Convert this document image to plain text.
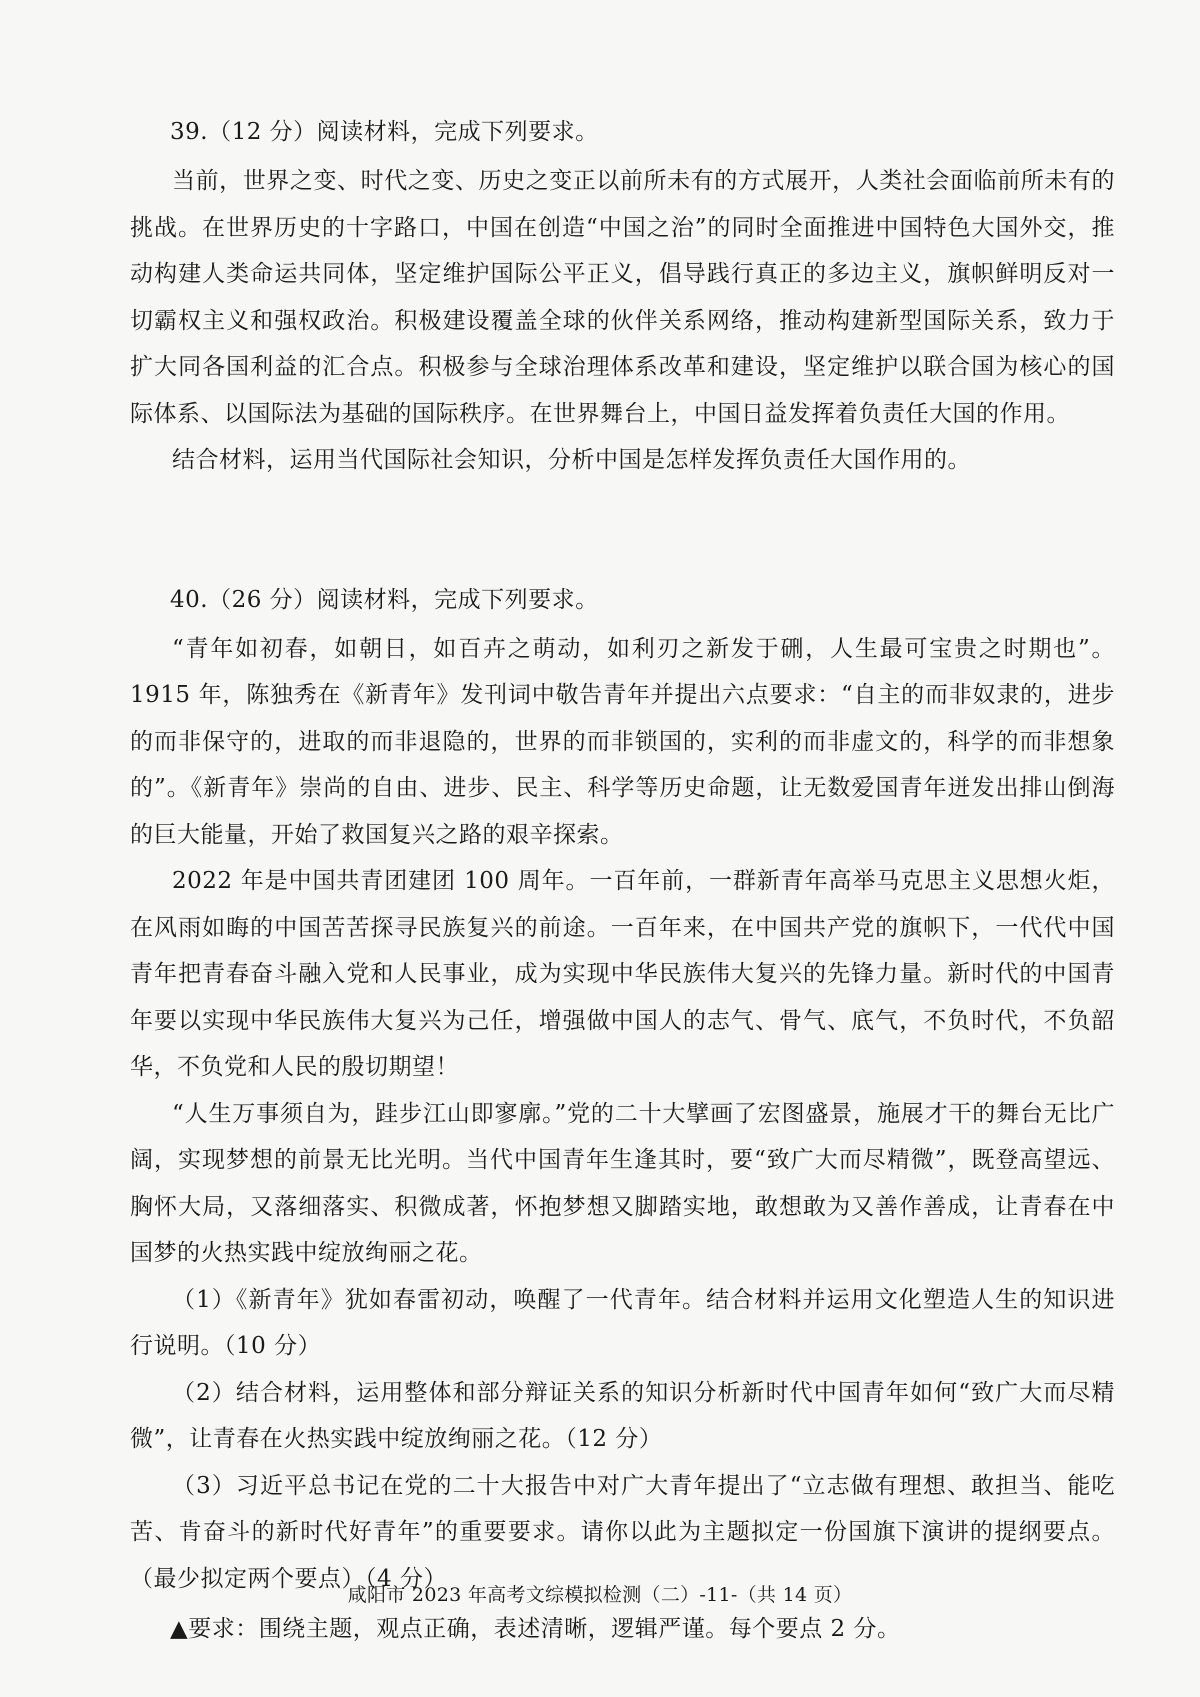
39.（12 分）阅读材料，完成下列要求。

当前，世界之变、时代之变、历史之变正以前所未有的方式展开，人类社会面临前所未有的挑战。在世界历史的十字路口，中国在创造“中国之治”的同时全面推进中国特色大国外交，推动构建人类命运共同体，坚定维护国际公平正义，倡导践行真正的多边主义，旗帜鲜明反对一切霸权主义和强权政治。积极建设覆盖全球的伙伴关系网络，推动构建新型国际关系，致力于扩大同各国利益的汇合点。积极参与全球治理体系改革和建设，坚定维护以联合国为核心的国际体系、以国际法为基础的国际秩序。在世界舞台上，中国日益发挥着负责任大国的作用。

结合材料，运用当代国际社会知识，分析中国是怎样发挥负责任大国作用的。

40.（26 分）阅读材料，完成下列要求。

“青年如初春，如朝日，如百卉之萌动，如利刃之新发于硎，人生最可宝贵之时期也”。1915 年，陈独秀在《新青年》发刊词中敬告青年并提出六点要求：“自主的而非奴隶的，进步的而非保守的，进取的而非退隐的，世界的而非锁国的，实利的而非虚文的，科学的而非想象的”。《新青年》崇尚的自由、进步、民主、科学等历史命题，让无数爱国青年迸发出排山倒海的巨大能量，开始了救国复兴之路的艰辛探索。

2022 年是中国共青团建团 100 周年。一百年前，一群新青年高举马克思主义思想火炬，在风雨如晦的中国苦苦探寻民族复兴的前途。一百年来，在中国共产党的旗帜下，一代代中国青年把青春奋斗融入党和人民事业，成为实现中华民族伟大复兴的先锋力量。新时代的中国青年要以实现中华民族伟大复兴为己任，增强做中国人的志气、骨气、底气，不负时代，不负韶华，不负党和人民的殷切期望！

“人生万事须自为，跬步江山即寥廓。”党的二十大擘画了宏图盛景，施展才干的舞台无比广阔，实现梦想的前景无比光明。当代中国青年生逢其时，要“致广大而尽精微”，既登高望远、胸怀大局，又落细落实、积微成著，怀抱梦想又脚踏实地，敢想敢为又善作善成，让青春在中国梦的火热实践中绽放绚丽之花。

（1）《新青年》犹如春雷初动，唤醒了一代青年。结合材料并运用文化塑造人生的知识进行说明。（10 分）

（2）结合材料，运用整体和部分辩证关系的知识分析新时代中国青年如何“致广大而尽精微”，让青春在火热实践中绽放绚丽之花。（12 分）

（3）习近平总书记在党的二十大报告中对广大青年提出了“立志做有理想、敢担当、能吃苦、肯奋斗的新时代好青年”的重要要求。请你以此为主题拟定一份国旗下演讲的提纲要点。（最少拟定两个要点）（4 分）

▲要求：围绕主题，观点正确，表述清晰，逻辑严谨。每个要点 2 分。
咸阳市 2023 年高考文综模拟检测（二）-11-（共 14 页）
